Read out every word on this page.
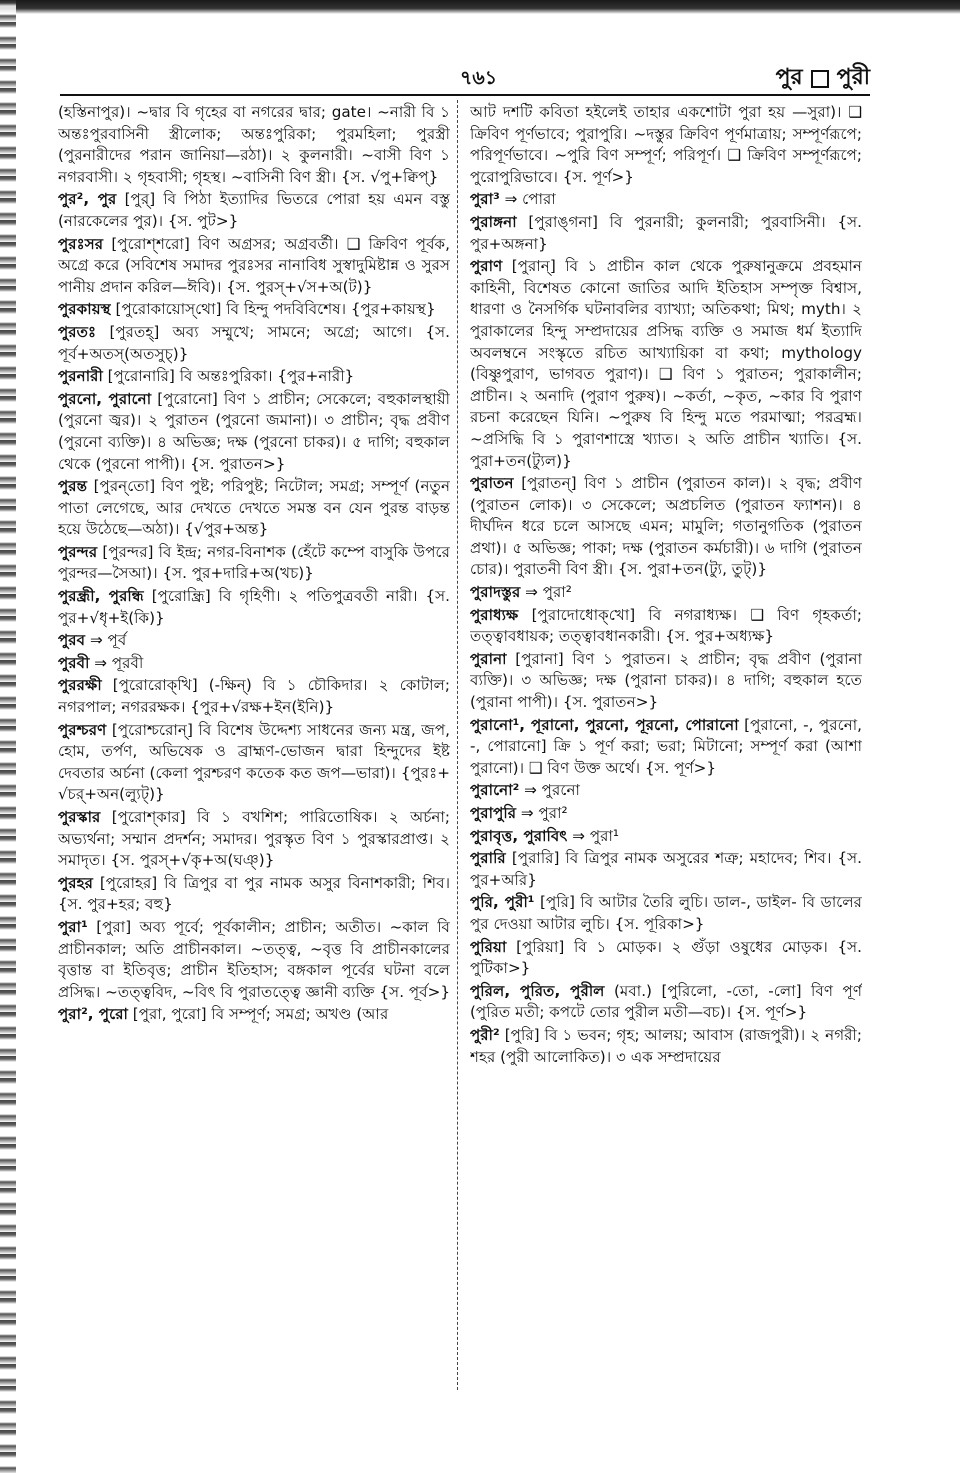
৭৬১	পুর পুরী
(হস্তিনাপুর)। ~দ্বার বি গৃহের বা নগরের দ্বার; gate। ~নারী বি ১ অন্তঃপুরবাসিনী স্ত্রীলোক; অন্তঃপুরিকা; পুরমহিলা; পুরস্ত্রী (পুরনারীদের পরান জানিয়া—রঠা)। ২ কুলনারী। ~বাসী বিণ ১ নগরবাসী। ২ গৃহবাসী; গৃহস্থ। ~বাসিনী বিণ স্ত্রী। {স. √পু+ক্বিপ্}
পুর², পুর [পুর্] বি পিঠা ইত্যাদির ভিতরে পোরা হয় এমন বস্তু (নারকেলের পুর)। {স. পুট>}
পুরঃসর [পুরোশ্‌শরো] বিণ অগ্রসর; অগ্রবর্তী। ❑ ক্রিবিণ পূর্বক, অগ্রে করে (সবিশেষ সমাদর পুরঃসর নানাবিধ সুস্বাদুমিষ্টান্ন ও সুরস পানীয় প্রদান করিল—ঈবি)। {স. পুরস্+√স+অ(ট)}
পুরকায়স্থ [পুরোকায়োস্‌থো] বি হিন্দু পদবিবিশেষ। {পুর+কায়স্থ}
পুরতঃ [পুরতহ্] অব্য সম্মুখে; সামনে; অগ্রে; আগে। {স. পূর্ব+অতস্(অতসুচ্)}
পুরনারী [পুরোনারি] বি অন্তঃপুরিকা। {পুর+নারী}
পুরনো, পুরানো [পুরোনো] বিণ ১ প্রাচীন; সেকেলে; বহুকালস্থায়ী (পুরনো জ্বর)। ২ পুরাতন (পুরনো জমানা)। ৩ প্রাচীন; বৃদ্ধ প্রবীণ (পুরনো ব্যক্তি)। ৪ অভিজ্ঞ; দক্ষ (পুরনো চাকর)। ৫ দাগি; বহুকাল থেকে (পুরনো পাপী)। {স. পুরাতন>}
পুরন্ত [পুরন্‌তো] বিণ পুষ্ট; পরিপুষ্ট; নিটোল; সমগ্র; সম্পূর্ণ (নতুন পাতা লেগেছে, আর দেখতে দেখতে সমস্ত বন যেন পুরন্ত বাড়ন্ত হয়ে উঠেছে—অঠা)। {√পুর+অন্ত}
পুরন্দর [পুরন্দর] বি ইন্দ্র; নগর-বিনাশক (হেঁটে কম্পে বাসুকি উপরে পুরন্দর—সৈআ)। {স. পুর+দারি+অ(খচ)}
পুরন্ধ্রী, পুরন্ধি [পুরোন্ধ্রি] বি গৃহিণী। ২ পতিপুত্রবতী নারী। {স. পুর+√ধৃ+ই(কি)}
পুরব ⇒ পূর্ব
পুরবী ⇒ পূরবী
পুররক্ষী [পুরোরোক্‌খি] (-ক্ষিন্) বি ১ চৌকিদার। ২ কোটাল; নগরপাল; নগররক্ষক। {পুর+√রক্ষ+ইন(ইনি)}
পুরশ্চরণ [পুরোশ্চরোন্] বি বিশেষ উদ্দেশ্য সাধনের জন্য মন্ত্র, জপ, হোম, তর্পণ, অভিষেক ও ব্রাহ্মণ-ভোজন দ্বারা হিন্দুদের ইষ্ট দেবতার অর্চনা (কেলা পুরশ্চরণ কতেক কত জপ—ভারা)। {পুরঃ+ √চর্+অন(ল্যুট্)}
পুরস্কার [পুরোশ্‌কার] বি ১ বখশিশ; পারিতোষিক। ২ অর্চনা; অভ্যর্থনা; সম্মান প্রদর্শন; সমাদর। পুরস্কৃত বিণ ১ পুরস্কারপ্রাপ্ত। ২ সমাদৃত। {স. পুরস্+√কৃ+অ(ঘঞ্)}
পুরহর [পুরোহর] বি ত্রিপুর বা পুর নামক অসুর বিনাশকারী; শিব। {স. পুর+হর; বহু}
পুরা¹ [পুরা] অব্য পূর্বে; পূর্বকালীন; প্রাচীন; অতীত। ~কাল বি প্রাচীনকাল; অতি প্রাচীনকাল। ~তত্ত্ব, ~বৃত্ত বি প্রাচীনকালের বৃত্তান্ত বা ইতিবৃত্ত; প্রাচীন ইতিহাস; বঙ্গকাল পূর্বের ঘটনা বলে প্রসিদ্ধ। ~তত্ত্ববিদ, ~বিৎ বি পুরাতত্ত্বে জ্ঞানী ব্যক্তি {স. পূর্ব>}
পুরা², পুরো [পুরা, পুরো] বি সম্পূর্ণ; সমগ্র; অখণ্ড (আর
আট দশটি কবিতা হইলেই তাহার একশোটা পুরা হয় —সুরা)। ❑ ক্রিবিণ পূর্ণভাবে; পুরাপুরি। ~দস্তুর ক্রিবিণ পূর্ণমাত্রায়; সম্পূর্ণরূপে; পরিপূর্ণভাবে। ~পুরি বিণ সম্পূর্ণ; পরিপূর্ণ। ❑ ক্রিবিণ সম্পূর্ণরূপে; পুরোপুরিভাবে। {স. পূর্ণ>}
পুরা³ ⇒ পোরা
পুরাঙ্গনা [পুরাঙ্‌গনা] বি পুরনারী; কুলনারী; পুরবাসিনী। {স. পুর+অঙ্গনা}
পুরাণ [পুরান্] বি ১ প্রাচীন কাল থেকে পুরুষানুক্রমে প্রবহমান কাহিনী, বিশেষত কোনো জাতির আদি ইতিহাস সম্পৃক্ত বিশ্বাস, ধারণা ও নৈসর্গিক ঘটনাবলির ব্যাখ্যা; অতিকথা; মিথ; myth। ২ পুরাকালের হিন্দু সম্প্রদায়ের প্রসিদ্ধ ব্যক্তি ও সমাজ ধর্ম ইত্যাদি অবলম্বনে সংস্কৃতে রচিত আখ্যায়িকা বা কথা; mythology (বিষ্ণুপুরাণ, ভাগবত পুরাণ)। ❑ বিণ ১ পুরাতন; পুরাকালীন; প্রাচীন। ২ অনাদি (পুরাণ পুরুষ)। ~কর্তা, ~কৃত, ~কার বি পুরাণ রচনা করেছেন যিনি। ~পুরুষ বি হিন্দু মতে পরমাত্মা; পরব্রহ্ম। ~প্রসিদ্ধি বি ১ পুরাণশাস্ত্রে খ্যাত। ২ অতি প্রাচীন খ্যাতি। {স. পুরা+তন(ট্যুল)}
পুরাতন [পুরাতন্] বিণ ১ প্রাচীন (পুরাতন কাল)। ২ বৃদ্ধ; প্রবীণ (পুরাতন লোক)। ৩ সেকেলে; অপ্রচলিত (পুরাতন ফ্যাশন)। ৪ দীর্ঘদিন ধরে চলে আসছে এমন; মামুলি; গতানুগতিক (পুরাতন প্রথা)। ৫ অভিজ্ঞ; পাকা; দক্ষ (পুরাতন কর্মচারী)। ৬ দাগি (পুরাতন চোর)। পুরাতনী বিণ স্ত্রী। {স. পুরা+তন(ট্যু, তুট্)}
পুরাদস্তুর ⇒ পুরা²
পুরাধ্যক্ষ [পুরাদোধোক্‌খো] বি নগরাধ্যক্ষ। ❑ বিণ গৃহকর্তা; তত্ত্বাবধায়ক; তত্ত্বাবধানকারী। {স. পুর+অধ্যক্ষ}
পুরানা [পুরানা] বিণ ১ পুরাতন। ২ প্রাচীন; বৃদ্ধ প্রবীণ (পুরানা ব্যক্তি)। ৩ অভিজ্ঞ; দক্ষ (পুরানা চাকর)। ৪ দাগি; বহুকাল হতে (পুরানা পাপী)। {স. পুরাতন>}
পুরানো¹, পূরানো, পুরনো, পূরনো, পোরানো [পুরানো, -, পুরনো, -, পোরানো] ক্রি ১ পূর্ণ করা; ভরা; মিটানো; সম্পূর্ণ করা (আশা পুরানো)। ❑ বিণ উক্ত অর্থে। {স. পূর্ণ>}
পুরানো² ⇒ পুরনো
পুরাপুরি ⇒ পুরা²
পুরাবৃত্ত, পুরাবিৎ ⇒ পুরা¹
পুরারি [পুরারি] বি ত্রিপুর নামক অসুরের শত্রু; মহাদেব; শিব। {স. পুর+অরি}
পুরি, পুরী¹ [পুরি] বি আটার তৈরি লুচি। ডাল-, ডাইল- বি ডালের পুর দেওয়া আটার লুচি। {স. পূরিকা>}
পুরিয়া [পুরিয়া] বি ১ মোড়ক। ২ গুঁড়া ওষুধের মোড়ক। {স. পুটিকা>}
পুরিল, পুরিত, পুরীল (মবা.) [পুরিলো, -তো, -লো] বিণ পূর্ণ (পুরিত মতী; কপটে তোর পুরীল মতী—বচ)। {স. পূর্ণ>}
পুরী² [পুরি] বি ১ ভবন; গৃহ; আলয়; আবাস (রাজপুরী)। ২ নগরী; শহর (পুরী আলোকিত)। ৩ এক সম্প্রদায়ের
